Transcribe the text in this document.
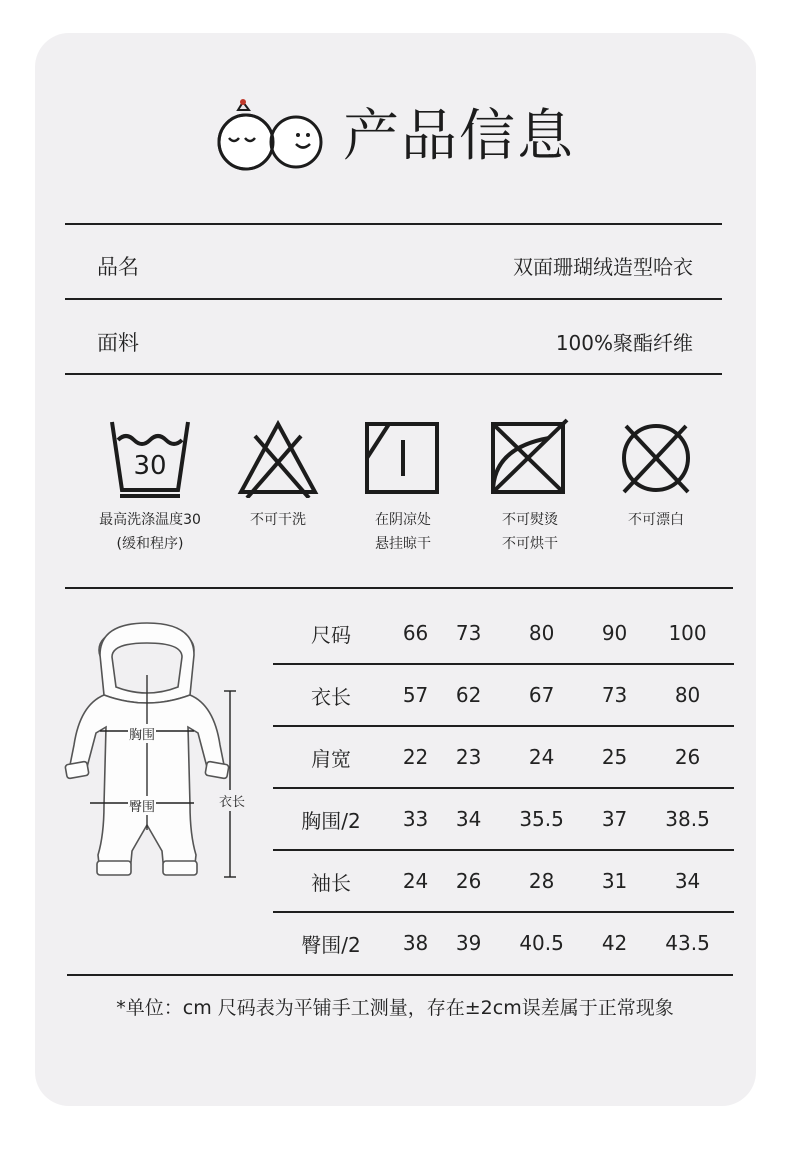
产品信息
品名	双面珊瑚绒造型哈衣
面料	100%聚酯纤维
30
最高洗涤温度30
(缓和程序)
不可干洗	在阴凉处
悬挂晾干
不可熨烫
不可烘干
不可漂白
胸围
臀围	衣长
尺码	66	73	80	90	100
衣长	57	62	67	73	80
肩宽	22	23	24	25	26
胸围/2	33	34	35.5	37	38.5
袖长	24	26	28	31	34
臀围/2	38	39	40.5	42	43.5
*单位：cm 尺码表为平铺手工测量，存在±2cm误差属于正常现象
